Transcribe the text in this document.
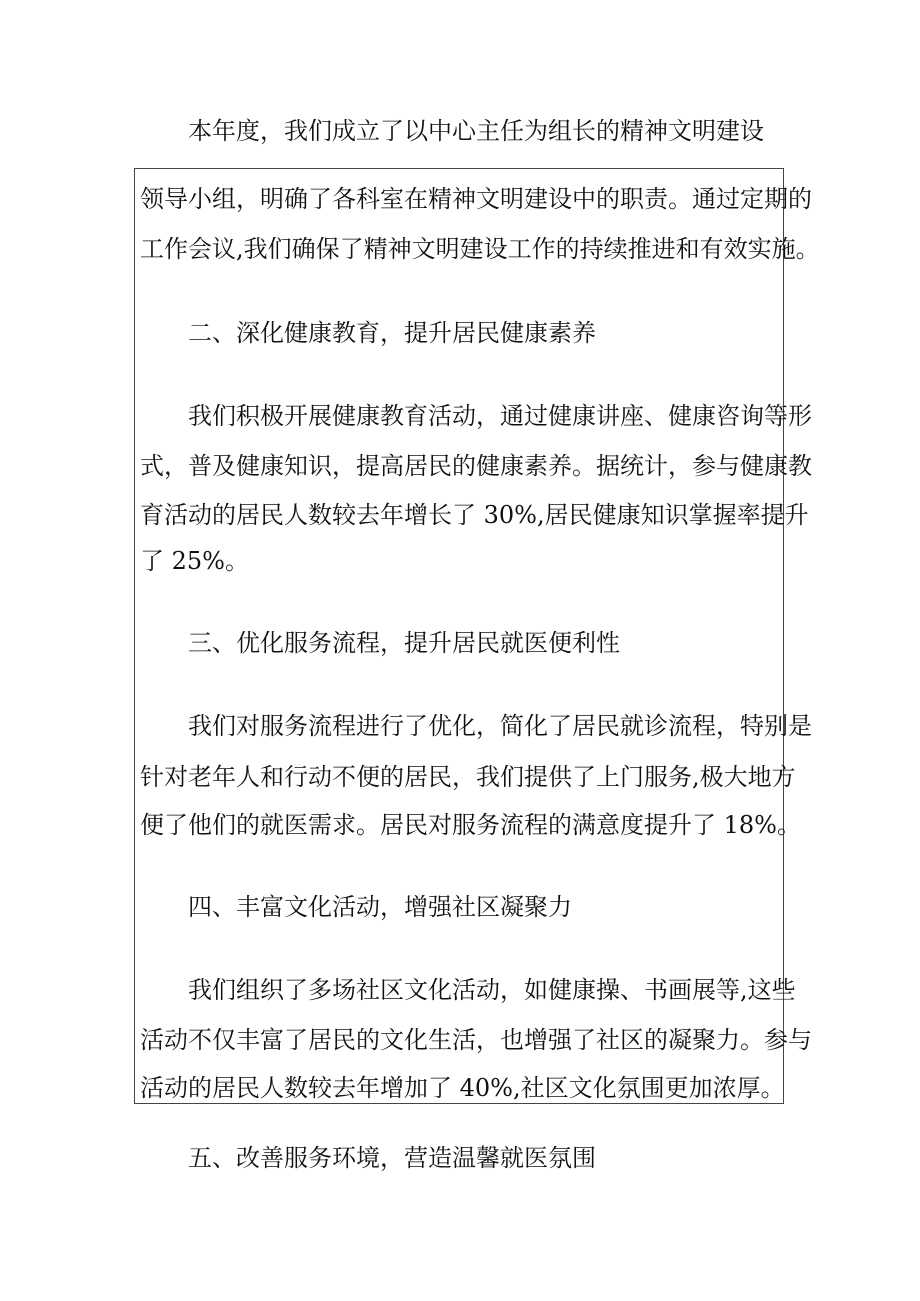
本年度，我们成立了以中心主任为组长的精神文明建设

领导小组，明确了各科室在精神文明建设中的职责。通过定期的

工作会议,我们确保了精神文明建设工作的持续推进和有效实施。

二、深化健康教育，提升居民健康素养

我们积极开展健康教育活动，通过健康讲座、健康咨询等形

式，普及健康知识，提高居民的健康素养。据统计，参与健康教

育活动的居民人数较去年增长了 30%,居民健康知识掌握率提升

了 25%。

三、优化服务流程，提升居民就医便利性

我们对服务流程进行了优化，简化了居民就诊流程，特别是

针对老年人和行动不便的居民，我们提供了上门服务,极大地方

便了他们的就医需求。居民对服务流程的满意度提升了 18%。

四、丰富文化活动，增强社区凝聚力

我们组织了多场社区文化活动，如健康操、书画展等,这些

活动不仅丰富了居民的文化生活，也增强了社区的凝聚力。参与

活动的居民人数较去年增加了 40%,社区文化氛围更加浓厚。

五、改善服务环境，营造温馨就医氛围
